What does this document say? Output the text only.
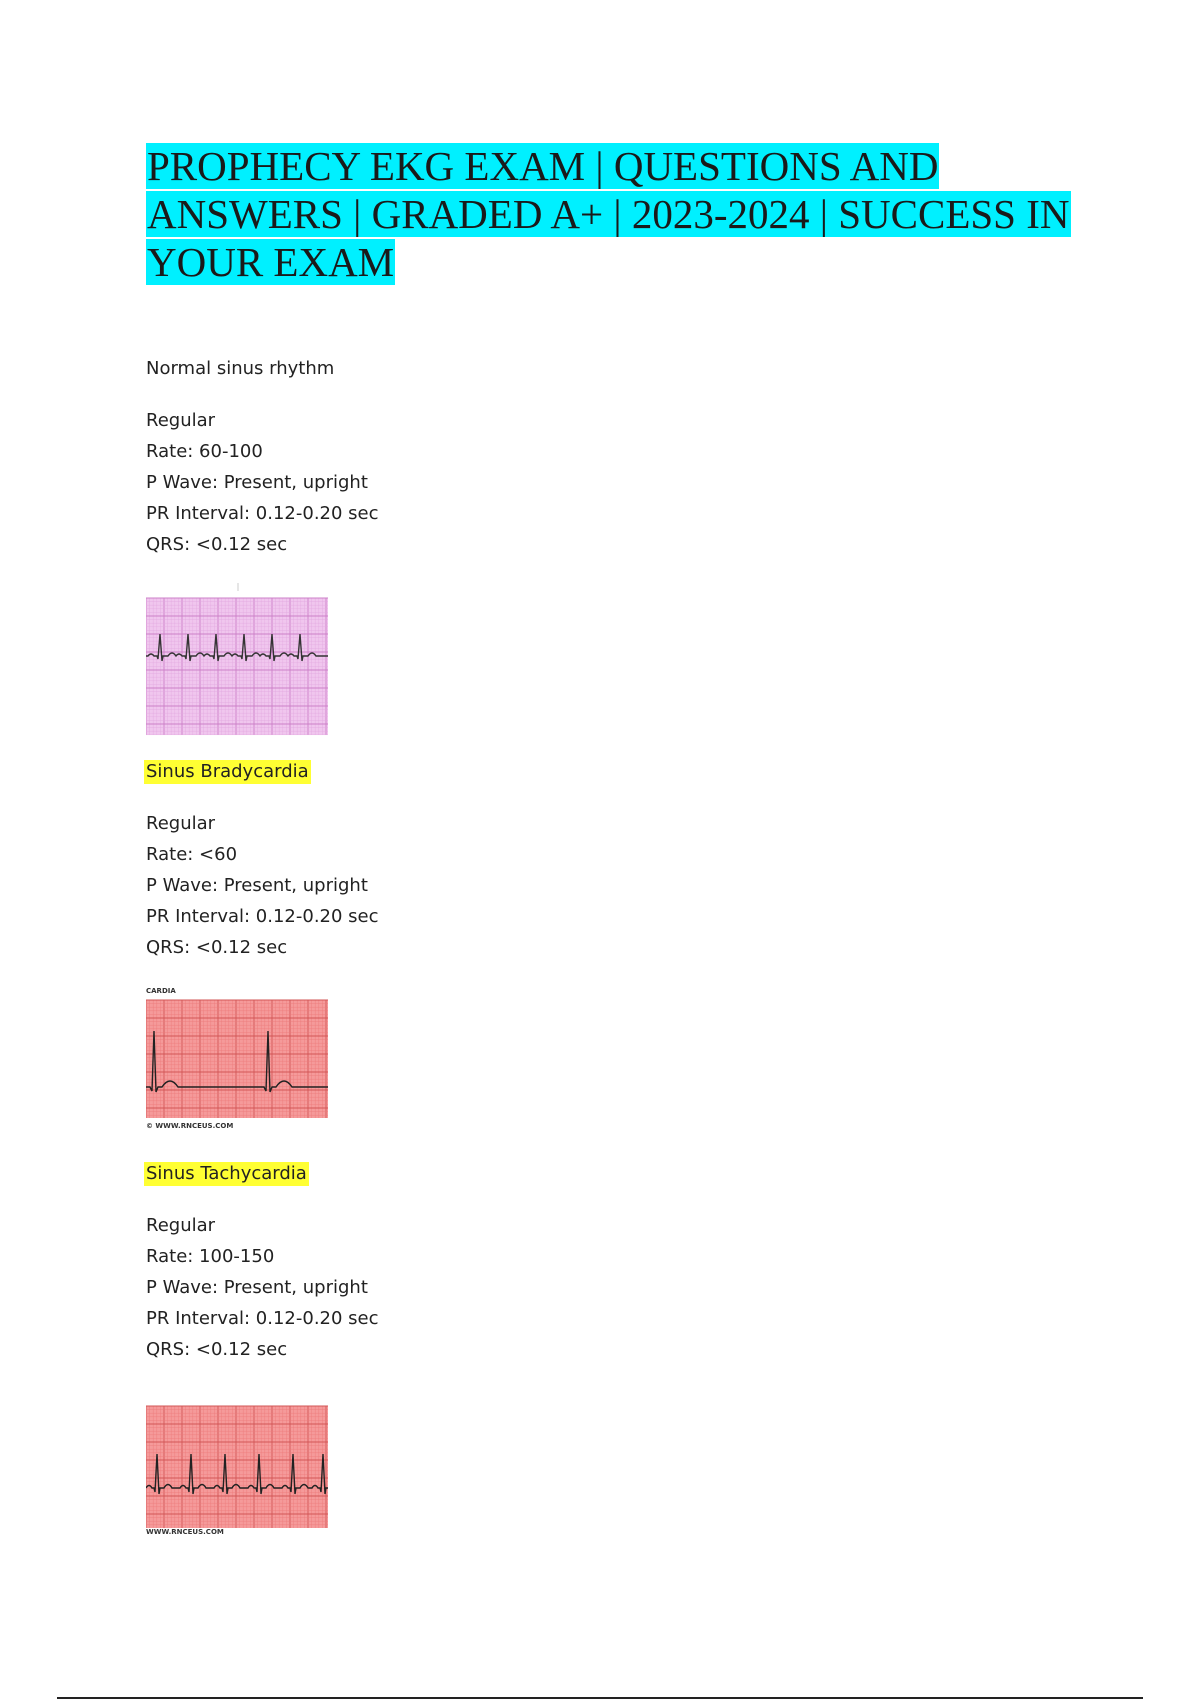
PROPHECY EKG EXAM | QUESTIONS AND
ANSWERS | GRADED A+ | 2023-2024 | SUCCESS IN
YOUR EXAM
Normal sinus rhythm
Regular
Rate: 60-100
P Wave: Present, upright
PR Interval: 0.12-0.20 sec
QRS: <0.12 sec
Sinus Bradycardia
Regular
Rate: <60
P Wave: Present, upright
PR Interval: 0.12-0.20 sec
QRS: <0.12 sec
CARDIA
© WWW.RNCEUS.COM
Sinus Tachycardia
Regular
Rate: 100-150
P Wave: Present, upright
PR Interval: 0.12-0.20 sec
QRS: <0.12 sec
WWW.RNCEUS.COM
